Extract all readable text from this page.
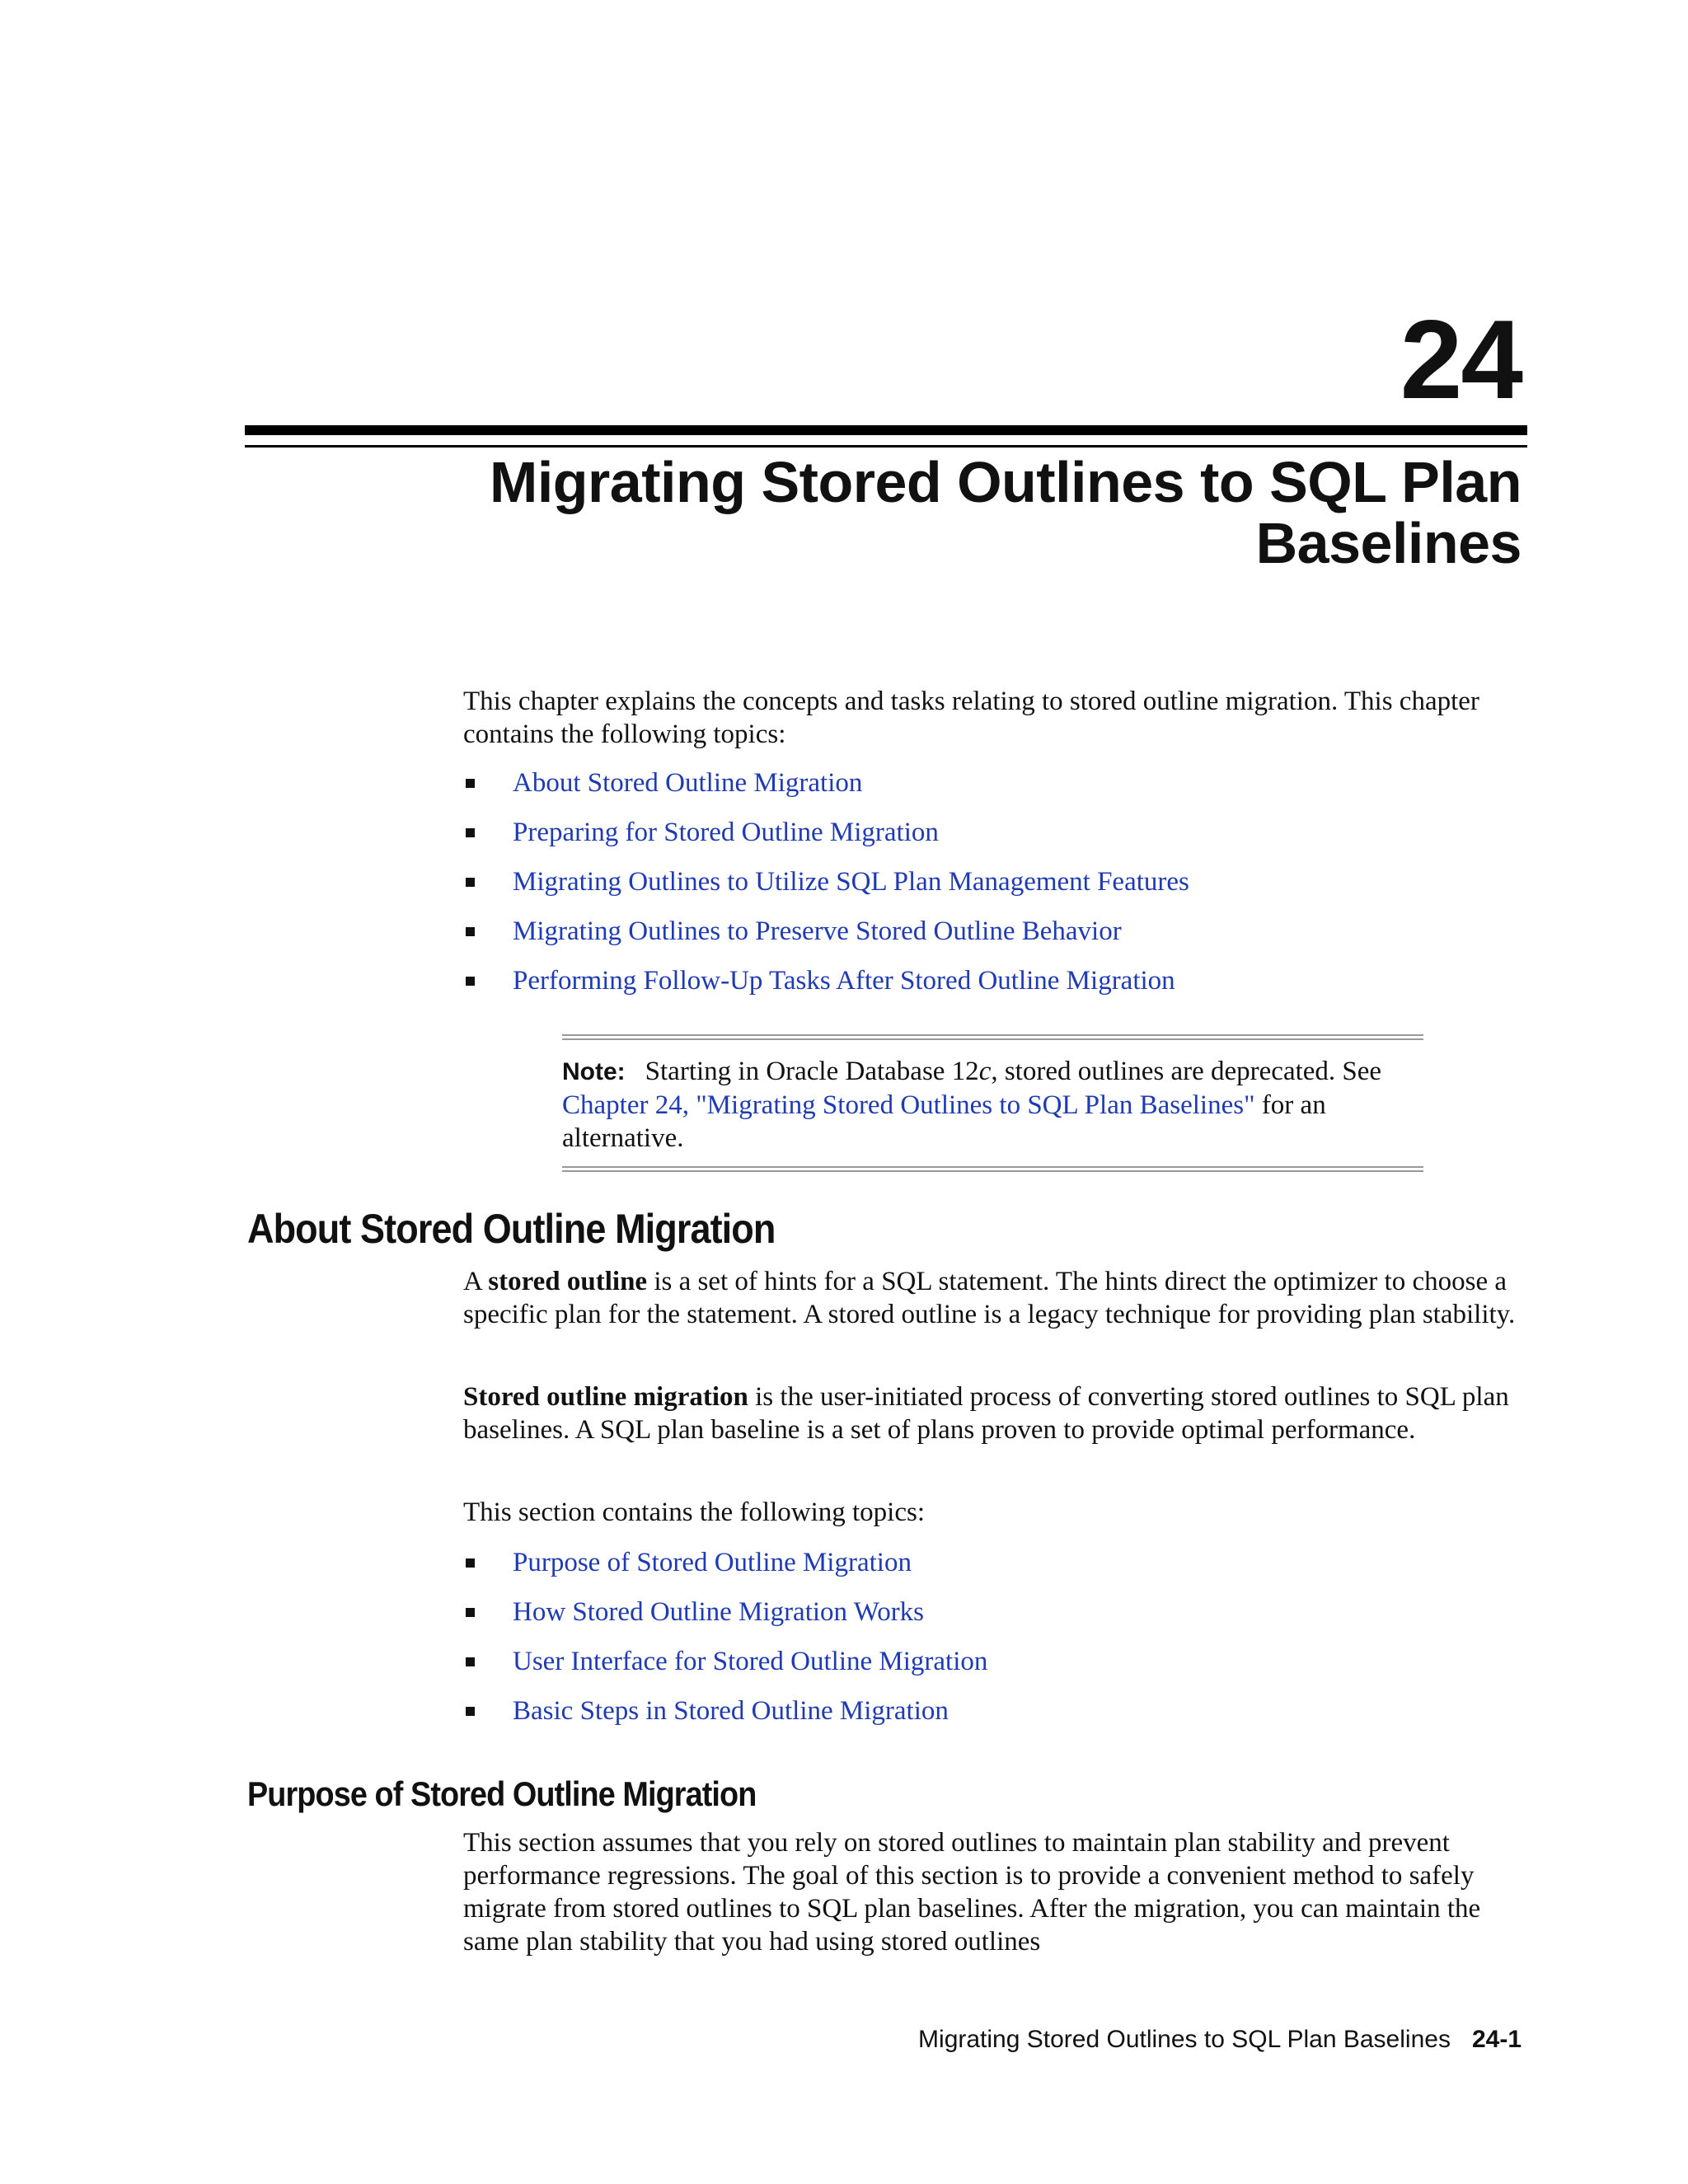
24
Migrating Stored Outlines to SQL Plan Baselines

This chapter explains the concepts and tasks relating to stored outline migration. This chapter contains the following topics:

About Stored Outline Migration
Preparing for Stored Outline Migration
Migrating Outlines to Utilize SQL Plan Management Features
Migrating Outlines to Preserve Stored Outline Behavior
Performing Follow-Up Tasks After Stored Outline Migration
Note: Starting in Oracle Database 12c, stored outlines are deprecated. See Chapter 24, "Migrating Stored Outlines to SQL Plan Baselines" for an alternative.
About Stored Outline Migration

A stored outline is a set of hints for a SQL statement. The hints direct the optimizer to choose a specific plan for the statement. A stored outline is a legacy technique for providing plan stability.

Stored outline migration is the user-initiated process of converting stored outlines to SQL plan baselines. A SQL plan baseline is a set of plans proven to provide optimal performance.

This section contains the following topics:

Purpose of Stored Outline Migration
How Stored Outline Migration Works
User Interface for Stored Outline Migration
Basic Steps in Stored Outline Migration
Purpose of Stored Outline Migration

This section assumes that you rely on stored outlines to maintain plan stability and prevent performance regressions. The goal of this section is to provide a convenient method to safely migrate from stored outlines to SQL plan baselines. After the migration, you can maintain the same plan stability that you had using stored outlines

Migrating Stored Outlines to SQL Plan Baselines 24-1
